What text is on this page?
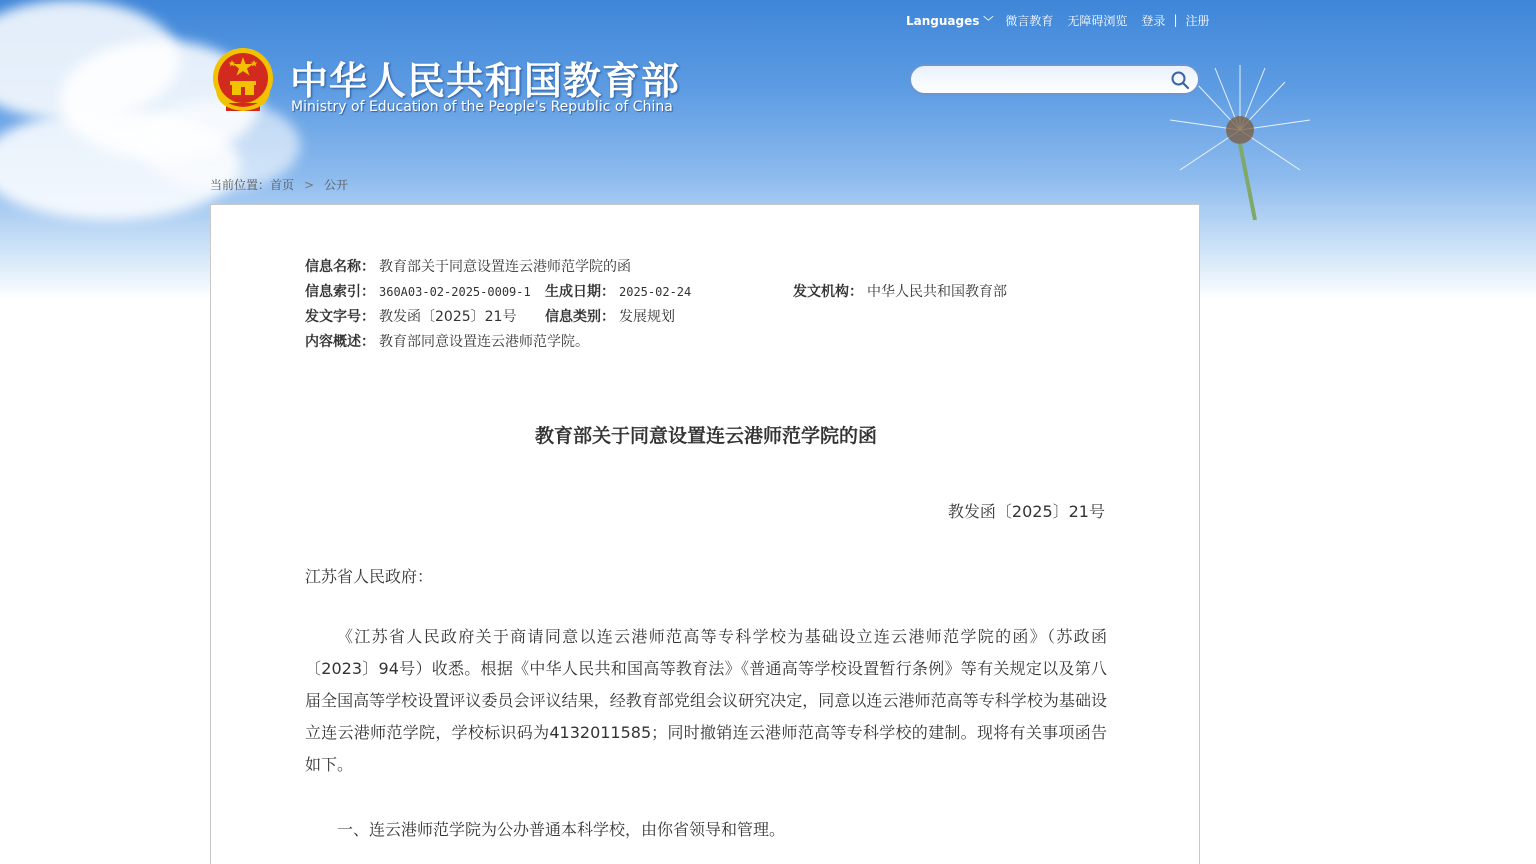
Languages ﹀ 微言教育 无障碍浏览 登录 | 注册
中华人民共和国教育部
Ministry of Education of the People's Republic of China
当前位置：首页 > 公开
信息名称： 教育部关于同意设置连云港师范学院的函
信息索引： 360A03-02-2025-0009-1 生成日期： 2025-02-24	发文机构： 中华人民共和国教育部
发文字号： 教发函〔2025〕21号 信息类别： 发展规划
内容概述： 教育部同意设置连云港师范学院。
教育部关于同意设置连云港师范学院的函
教发函〔2025〕21号
江苏省人民政府：

《江苏省人民政府关于商请同意以连云港师范高等专科学校为基础设立连云港师范学院的函》（苏政函〔2023〕94号）收悉。根据《中华人民共和国高等教育法》《普通高等学校设置暂行条例》等有关规定以及第八届全国高等学校设置评议委员会评议结果，经教育部党组会议研究决定，同意以连云港师范高等专科学校为基础设立连云港师范学院，学校标识码为4132011585；同时撤销连云港师范高等专科学校的建制。现将有关事项函告如下。

一、连云港师范学院为公办普通本科学校，由你省领导和管理。
